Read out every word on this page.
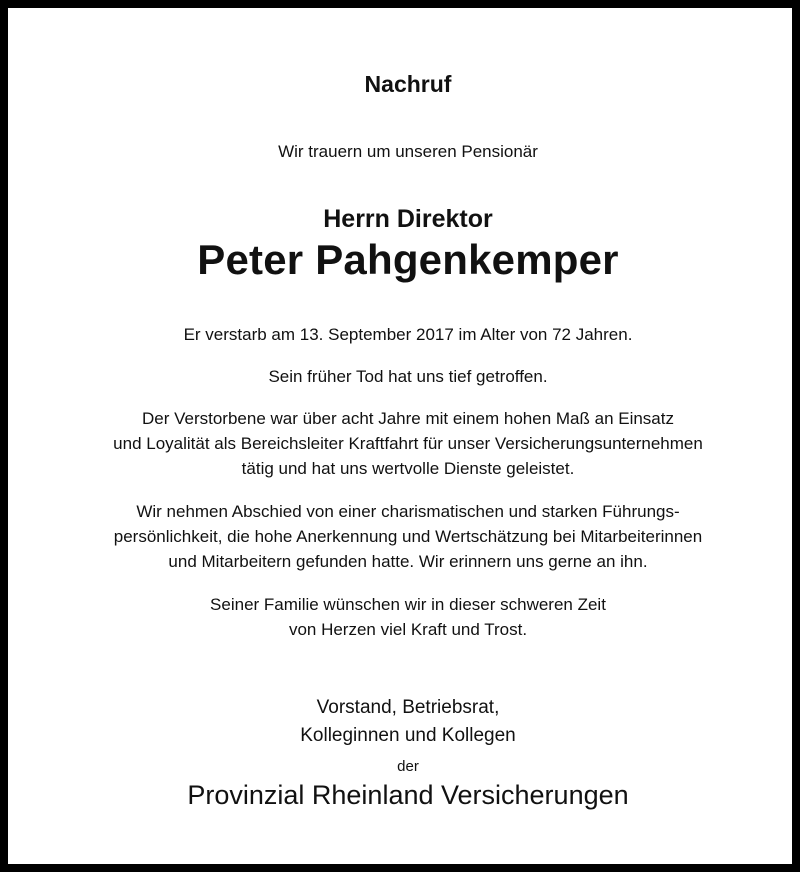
Nachruf
Wir trauern um unseren Pensionär
Herrn Direktor
Peter Pahgenkemper
Er verstarb am 13. September 2017 im Alter von 72 Jahren.
Sein früher Tod hat uns tief getroffen.
Der Verstorbene war über acht Jahre mit einem hohen Maß an Einsatz
und Loyalität als Bereichsleiter Kraftfahrt für unser Versicherungsunternehmen
tätig und hat uns wertvolle Dienste geleistet.
Wir nehmen Abschied von einer charismatischen und starken Führungs-
persönlichkeit, die hohe Anerkennung und Wertschätzung bei Mitarbeiterinnen
und Mitarbeitern gefunden hatte. Wir erinnern uns gerne an ihn.
Seiner Familie wünschen wir in dieser schweren Zeit
von Herzen viel Kraft und Trost.
Vorstand, Betriebsrat,
Kolleginnen und Kollegen
der
Provinzial Rheinland Versicherungen
